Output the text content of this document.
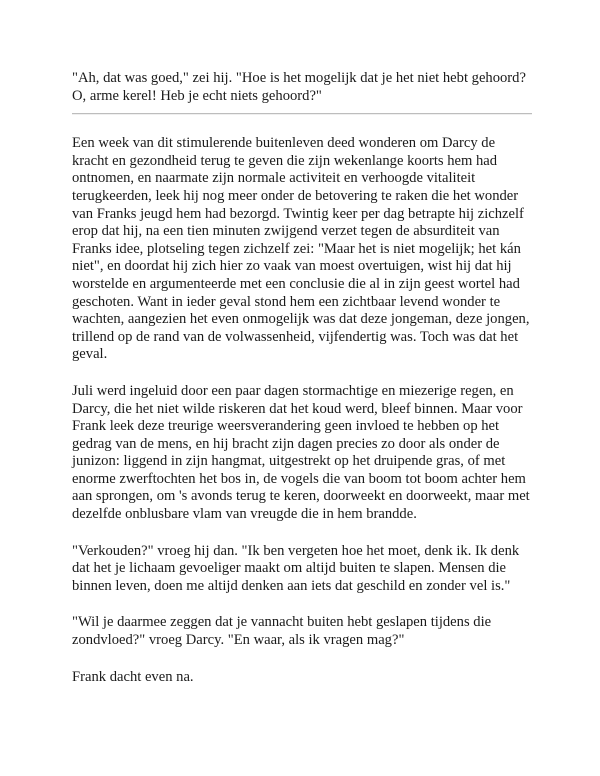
"Ah, dat was goed," zei hij. "Hoe is het mogelijk dat je het niet hebt gehoord? O, arme kerel! Heb je echt niets gehoord?"

Een week van dit stimulerende buitenleven deed wonderen om Darcy de kracht en gezondheid terug te geven die zijn wekenlange koorts hem had ontnomen, en naarmate zijn normale activiteit en verhoogde vitaliteit terugkeerden, leek hij nog meer onder de betovering te raken die het wonder van Franks jeugd hem had bezorgd. Twintig keer per dag betrapte hij zichzelf erop dat hij, na een tien minuten zwijgend verzet tegen de absurditeit van Franks idee, plotseling tegen zichzelf zei: "Maar het is niet mogelijk; het kán niet", en doordat hij zich hier zo vaak van moest overtuigen, wist hij dat hij worstelde en argumenteerde met een conclusie die al in zijn geest wortel had geschoten. Want in ieder geval stond hem een zichtbaar levend wonder te wachten, aangezien het even onmogelijk was dat deze jongeman, deze jongen, trillend op de rand van de volwassenheid, vijfendertig was. Toch was dat het geval.

Juli werd ingeluid door een paar dagen stormachtige en miezerige regen, en Darcy, die het niet wilde riskeren dat het koud werd, bleef binnen. Maar voor Frank leek deze treurige weersverandering geen invloed te hebben op het gedrag van de mens, en hij bracht zijn dagen precies zo door als onder de junizon: liggend in zijn hangmat, uitgestrekt op het druipende gras, of met enorme zwerftochten het bos in, de vogels die van boom tot boom achter hem aan sprongen, om 's avonds terug te keren, doorweekt en doorweekt, maar met dezelfde onblusbare vlam van vreugde die in hem brandde.

"Verkouden?" vroeg hij dan. "Ik ben vergeten hoe het moet, denk ik. Ik denk dat het je lichaam gevoeliger maakt om altijd buiten te slapen. Mensen die binnen leven, doen me altijd denken aan iets dat geschild en zonder vel is."

"Wil je daarmee zeggen dat je vannacht buiten hebt geslapen tijdens die zondvloed?" vroeg Darcy. "En waar, als ik vragen mag?"

Frank dacht even na.
